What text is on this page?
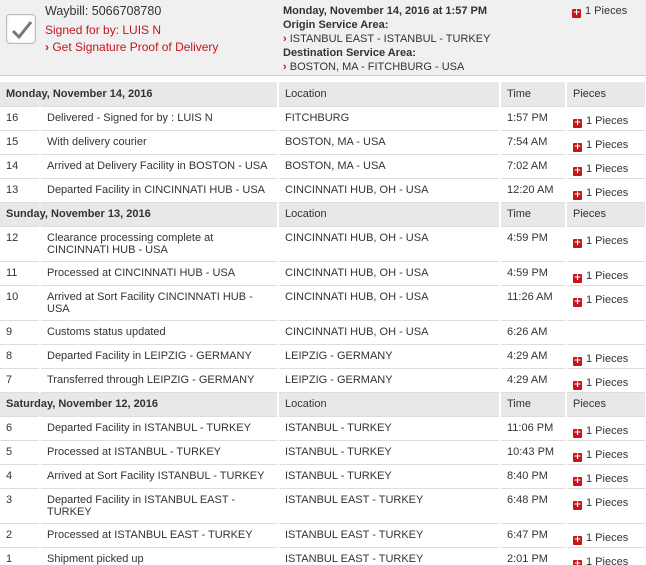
Waybill: 5066708780
Signed for by: LUIS N
› Get Signature Proof of Delivery
Monday, November 14, 2016 at 1:57 PM
Origin Service Area:
› ISTANBUL EAST - ISTANBUL - TURKEY
Destination Service Area:
› BOSTON, MA - FITCHBURG - USA
+ 1 Pieces
Monday, November 14, 2016		Location	Time	Pieces
16	Delivered - Signed for by : LUIS N	FITCHBURG	1:57 PM	+ 1 Pieces
15	With delivery courier	BOSTON, MA - USA	7:54 AM	+ 1 Pieces
14	Arrived at Delivery Facility in BOSTON - USA	BOSTON, MA - USA	7:02 AM	+ 1 Pieces
13	Departed Facility in CINCINNATI HUB - USA	CINCINNATI HUB, OH - USA	12:20 AM	+ 1 Pieces
Sunday, November 13, 2016		Location	Time	Pieces
12	Clearance processing complete at CINCINNATI HUB - USA	CINCINNATI HUB, OH - USA	4:59 PM	+ 1 Pieces
11	Processed at CINCINNATI HUB - USA	CINCINNATI HUB, OH - USA	4:59 PM	+ 1 Pieces
10	Arrived at Sort Facility CINCINNATI HUB - USA	CINCINNATI HUB, OH - USA	11:26 AM	+ 1 Pieces
9	Customs status updated	CINCINNATI HUB, OH - USA	6:26 AM	
8	Departed Facility in LEIPZIG - GERMANY	LEIPZIG - GERMANY	4:29 AM	+ 1 Pieces
7	Transferred through LEIPZIG - GERMANY	LEIPZIG - GERMANY	4:29 AM	+ 1 Pieces
Saturday, November 12, 2016		Location	Time	Pieces
6	Departed Facility in ISTANBUL - TURKEY	ISTANBUL - TURKEY	11:06 PM	+ 1 Pieces
5	Processed at ISTANBUL - TURKEY	ISTANBUL - TURKEY	10:43 PM	+ 1 Pieces
4	Arrived at Sort Facility ISTANBUL - TURKEY	ISTANBUL - TURKEY	8:40 PM	+ 1 Pieces
3	Departed Facility in ISTANBUL EAST - TURKEY	ISTANBUL EAST - TURKEY	6:48 PM	+ 1 Pieces
2	Processed at ISTANBUL EAST - TURKEY	ISTANBUL EAST - TURKEY	6:47 PM	+ 1 Pieces
1	Shipment picked up	ISTANBUL EAST - TURKEY	2:01 PM	+ 1 Pieces
